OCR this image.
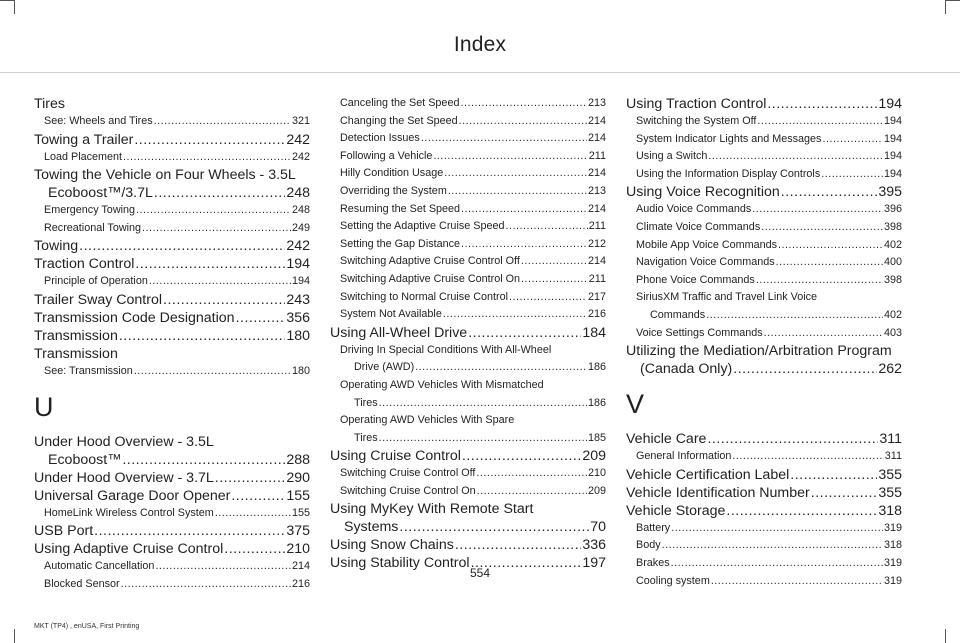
Index
Tires
See: Wheels and Tires .....	321
Towing a Trailer .....	242
Load Placement .....	242
Towing the Vehicle on Four Wheels - 3.5L
Ecoboost™/3.7L .....	248
Emergency Towing .....	248
Recreational Towing .....	249
Towing .....	242
Traction Control .....	194
Principle of Operation .....	194
Trailer Sway Control .....	243
Transmission Code Designation .....	356
Transmission .....	180
Transmission
See: Transmission .....	180
U
Under Hood Overview - 3.5L
Ecoboost™ .....	288
Under Hood Overview - 3.7L .....	290
Universal Garage Door Opener .....	155
HomeLink Wireless Control System .....	155
USB Port .....	375
Using Adaptive Cruise Control .....	210
Automatic Cancellation .....	214
Blocked Sensor .....	216
Canceling the Set Speed .....	213
Changing the Set Speed .....	214
Detection Issues .....	214
Following a Vehicle .....	211
Hilly Condition Usage .....	214
Overriding the System .....	213
Resuming the Set Speed .....	214
Setting the Adaptive Cruise Speed .....	211
Setting the Gap Distance .....	212
Switching Adaptive Cruise Control Off .....	214
Switching Adaptive Cruise Control On .....	211
Switching to Normal Cruise Control .....	217
System Not Available .....	216
Using All-Wheel Drive .....	184
Driving In Special Conditions With All-Wheel
Drive (AWD) .....	186
Operating AWD Vehicles With Mismatched
Tires .....	186
Operating AWD Vehicles With Spare
Tires .....	185
Using Cruise Control .....	209
Switching Cruise Control Off .....	210
Switching Cruise Control On .....	209
Using MyKey With Remote Start
Systems .....	70
Using Snow Chains .....	336
Using Stability Control .....	197
Using Traction Control .....	194
Switching the System Off .....	194
System Indicator Lights and Messages .....	194
Using a Switch .....	194
Using the Information Display Controls .....	194
Using Voice Recognition .....	395
Audio Voice Commands .....	396
Climate Voice Commands .....	398
Mobile App Voice Commands .....	402
Navigation Voice Commands .....	400
Phone Voice Commands .....	398
SiriusXM Traffic and Travel Link Voice
Commands .....	402
Voice Settings Commands .....	403
Utilizing the Mediation/Arbitration Program
(Canada Only) .....	262
V
Vehicle Care .....	311
General Information .....	311
Vehicle Certification Label .....	355
Vehicle Identification Number .....	355
Vehicle Storage .....	318
Battery .....	319
Body .....	318
Brakes .....	319
Cooling system .....	319
554
MKT (TP4) , enUSA, First Printing
